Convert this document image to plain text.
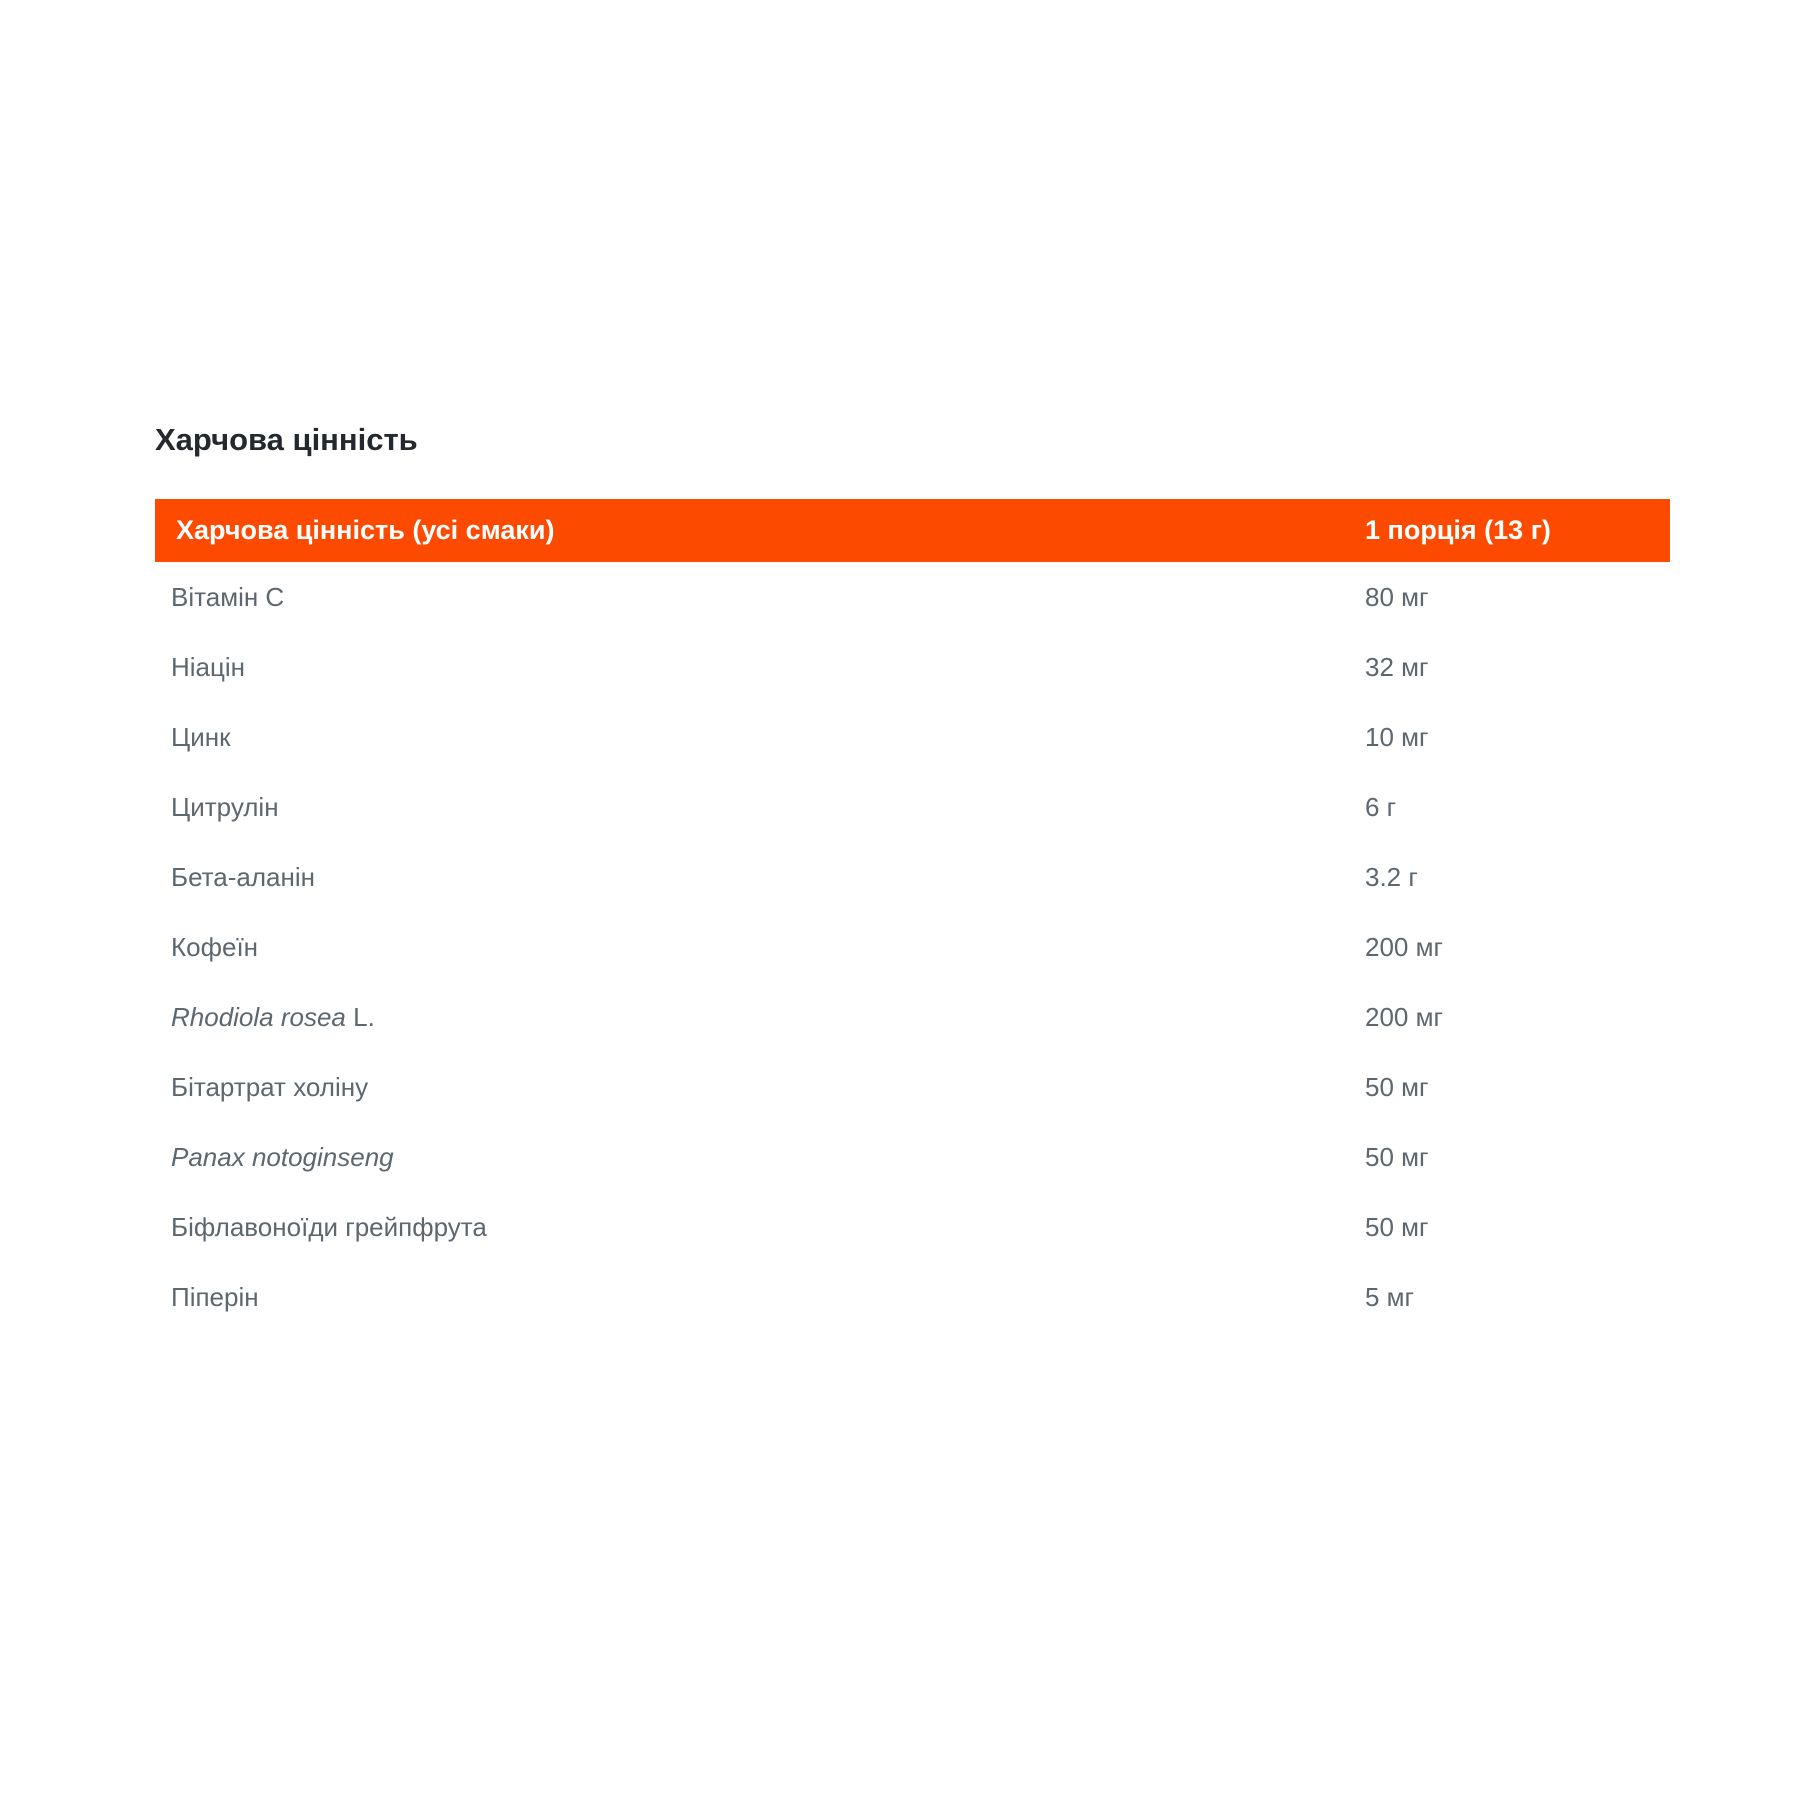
Харчова цінність
Харчова цінність (усі смаки)	1 порція (13 г)
Вітамін C	80 мг
Ніацін	32 мг
Цинк	10 мг
Цитрулін	6 г
Бета-аланін	3.2 г
Кофеїн	200 мг
Rhodiola rosea L.	200 мг
Бітартрат холіну	50 мг
Panax notoginseng	50 мг
Біфлавоноїди грейпфрута	50 мг
Піперін	5 мг
